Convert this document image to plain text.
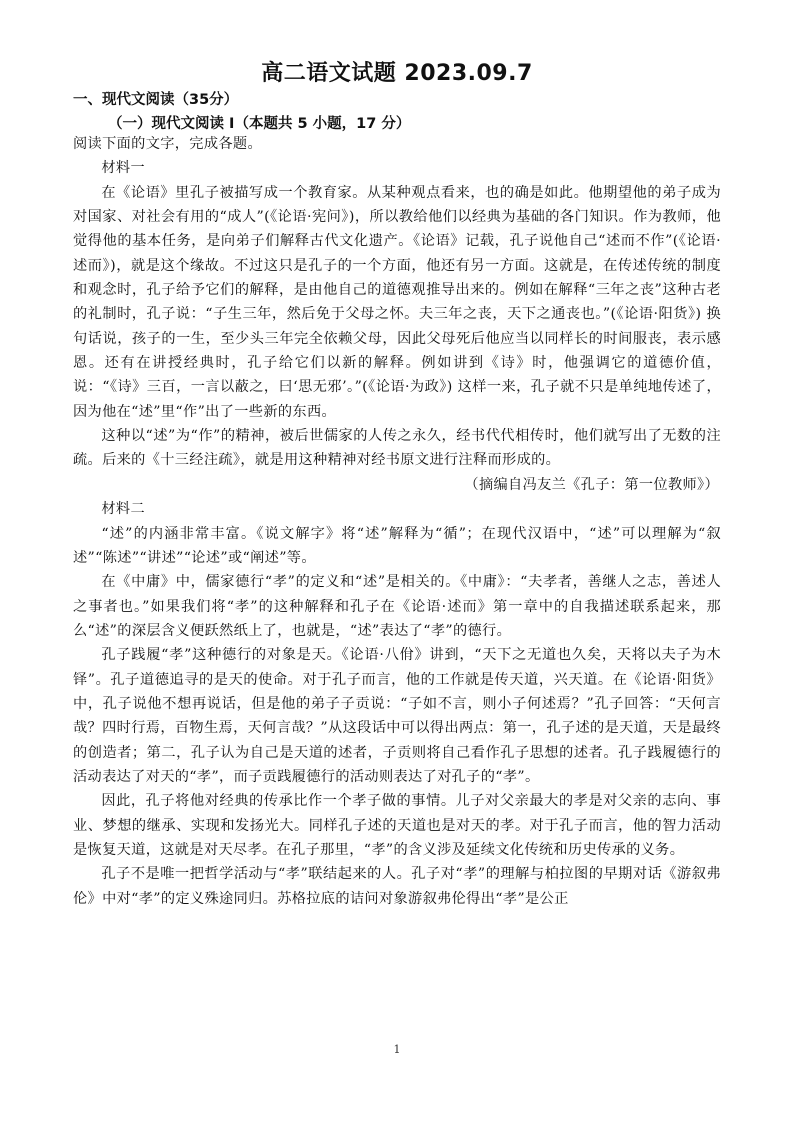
高二语文试题 2023.09.7
一、现代文阅读（35分）
（一）现代文阅读 I（本题共 5 小题，17 分）

阅读下面的文字，完成各题。

材料一

在《论语》里孔子被描写成一个教育家。从某种观点看来，也的确是如此。他期望他的弟子成为对国家、对社会有用的“成人”(《论语·宪问》)，所以教给他们以经典为基础的各门知识。作为教师，他觉得他的基本任务，是向弟子们解释古代文化遗产。《论语》记载，孔子说他自己“述而不作”(《论语·述而》)，就是这个缘故。不过这只是孔子的一个方面，他还有另一方面。这就是，在传述传统的制度和观念时，孔子给予它们的解释，是由他自己的道德观推导出来的。例如在解释“三年之丧”这种古老的礼制时，孔子说：“子生三年，然后免于父母之怀。夫三年之丧，天下之通丧也。”(《论语·阳货》) 换句话说，孩子的一生，至少头三年完全依赖父母，因此父母死后他应当以同样长的时间服丧，表示感恩。还有在讲授经典时，孔子给它们以新的解释。例如讲到《诗》时，他强调它的道德价值，说：“《诗》三百，一言以蔽之，曰‘思无邪’。”(《论语·为政》) 这样一来，孔子就不只是单纯地传述了，因为他在“述”里“作”出了一些新的东西。

这种以“述”为“作”的精神，被后世儒家的人传之永久，经书代代相传时，他们就写出了无数的注疏。后来的《十三经注疏》，就是用这种精神对经书原文进行注释而形成的。

（摘编自冯友兰《孔子：第一位教师》）

材料二

“述”的内涵非常丰富。《说文解字》将“述”解释为“循”；在现代汉语中，“述”可以理解为“叙述”“陈述”“讲述”“论述”或“阐述”等。

在《中庸》中，儒家德行“孝”的定义和“述”是相关的。《中庸》：“夫孝者，善继人之志，善述人之事者也。”如果我们将“孝”的这种解释和孔子在《论语·述而》第一章中的自我描述联系起来，那么“述”的深层含义便跃然纸上了，也就是，“述”表达了“孝”的德行。

孔子践履“孝”这种德行的对象是天。《论语·八佾》讲到，“天下之无道也久矣，天将以夫子为木铎”。孔子道德追寻的是天的使命。对于孔子而言，他的工作就是传天道，兴天道。在《论语·阳货》中，孔子说他不想再说话，但是他的弟子子贡说：“子如不言，则小子何述焉？”孔子回答：“天何言哉？四时行焉，百物生焉，天何言哉？”从这段话中可以得出两点：第一，孔子述的是天道，天是最终的创造者；第二，孔子认为自己是天道的述者，子贡则将自己看作孔子思想的述者。孔子践履德行的活动表达了对天的“孝”，而子贡践履德行的活动则表达了对孔子的“孝”。

因此，孔子将他对经典的传承比作一个孝子做的事情。儿子对父亲最大的孝是对父亲的志向、事业、梦想的继承、实现和发扬光大。同样孔子述的天道也是对天的孝。对于孔子而言，他的智力活动是恢复天道，这就是对天尽孝。在孔子那里，“孝”的含义涉及延续文化传统和历史传承的义务。

孔子不是唯一把哲学活动与“孝”联结起来的人。孔子对“孝”的理解与柏拉图的早期对话《游叙弗伦》中对“孝”的定义殊途同归。苏格拉底的诘问对象游叙弗伦得出“孝”是公正

1
